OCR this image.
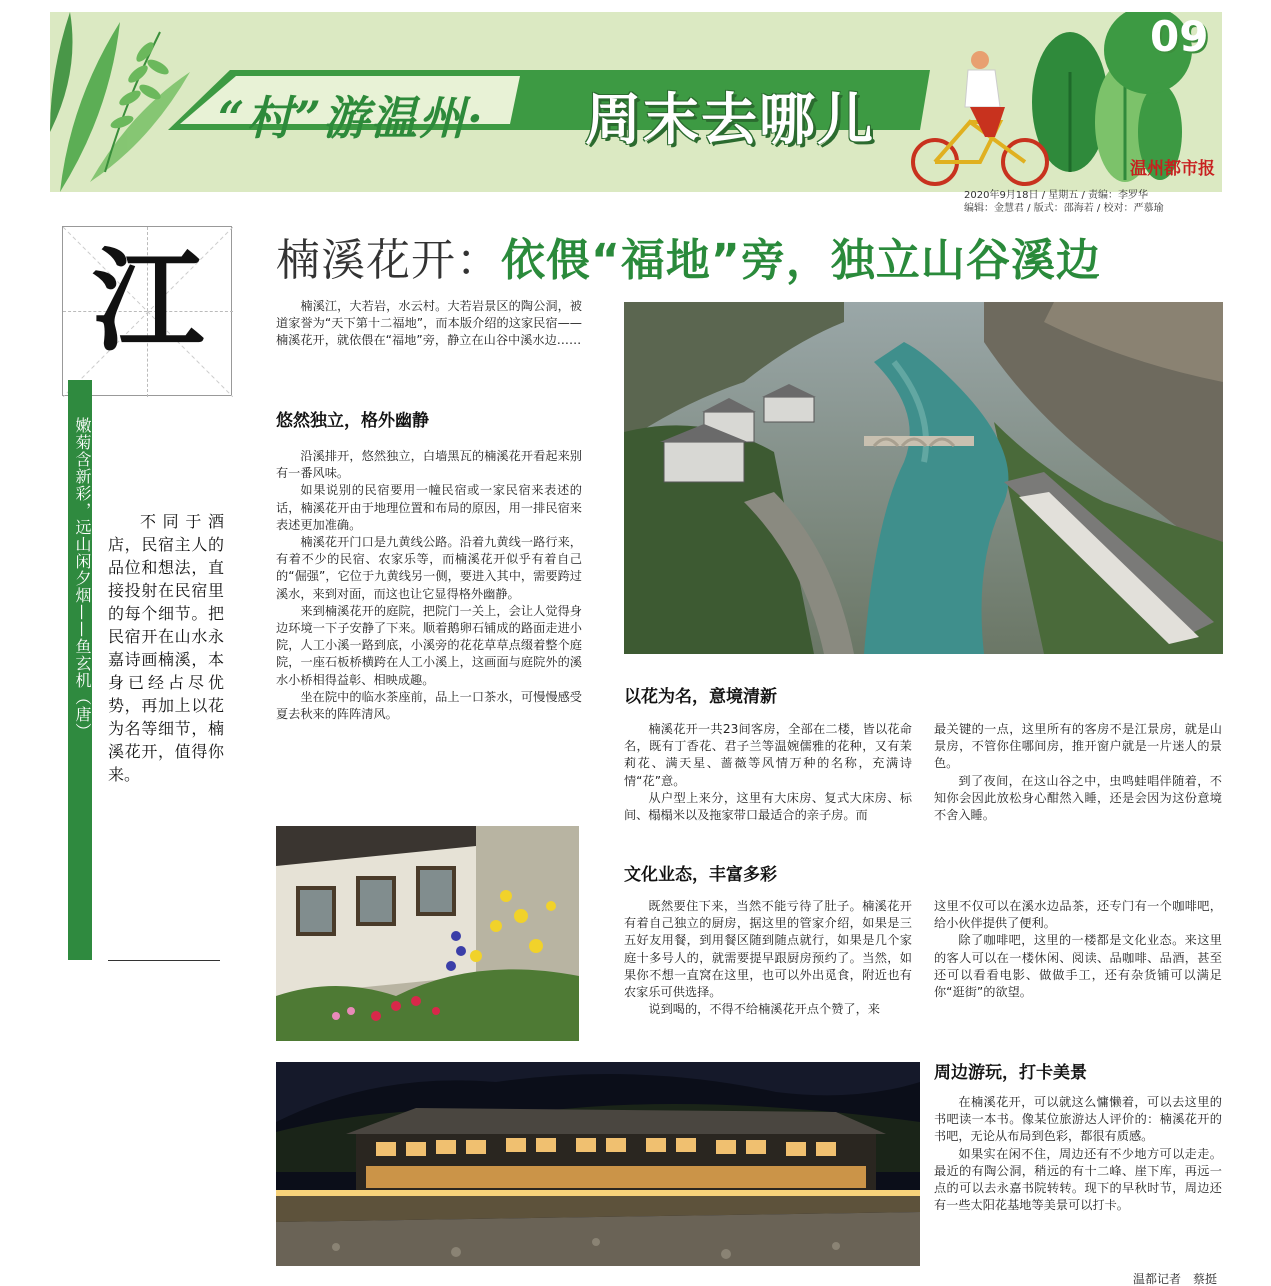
“村”游温州· 周末去哪儿
09
温州都市报
2020年9月18日 / 星期五 / 责编：李罗华
编辑：金慧君 / 版式：邵海若 / 校对：严慕瑜
江
嫩菊含新彩，远山闲夕烟——鱼玄机（唐）	不同于酒店，民宿主人的品位和想法，直接投射在民宿里的每个细节。把民宿开在山水永嘉诗画楠溪，本身已经占尽优势，再加上以花为名等细节，楠溪花开，值得你来。
楠溪花开：依偎“福地”旁，独立山谷溪边

楠溪江，大若岩，水云村。大若岩景区的陶公洞，被道家誉为“天下第十二福地”，而本版介绍的这家民宿——楠溪花开，就依偎在“福地”旁，静立在山谷中溪水边……

悠然独立，格外幽静

沿溪排开，悠然独立，白墙黑瓦的楠溪花开看起来别有一番风味。

如果说别的民宿要用一幢民宿或一家民宿来表述的话，楠溪花开由于地理位置和布局的原因，用一排民宿来表述更加准确。

楠溪花开门口是九黄线公路。沿着九黄线一路行来，有着不少的民宿、农家乐等，而楠溪花开似乎有着自己的“倔强”，它位于九黄线另一侧，要进入其中，需要跨过溪水，来到对面，而这也让它显得格外幽静。

来到楠溪花开的庭院，把院门一关上，会让人觉得身边环境一下子安静了下来。顺着鹅卵石铺成的路面走进小院，人工小溪一路到底，小溪旁的花花草草点缀着整个庭院，一座石板桥横跨在人工小溪上，这画面与庭院外的溪水小桥相得益彰、相映成趣。

坐在院中的临水茶座前，品上一口茶水，可慢慢感受夏去秋来的阵阵清风。

以花为名，意境清新

楠溪花开一共23间客房，全部在二楼，皆以花命名，既有丁香花、君子兰等温婉儒雅的花种，又有茉莉花、满天星、蔷薇等风情万种的名称，充满诗情“花”意。

从户型上来分，这里有大床房、复式大床房、标间、榻榻米以及拖家带口最适合的亲子房。而

最关键的一点，这里所有的客房不是江景房，就是山景房，不管你住哪间房，推开窗户就是一片迷人的景色。

到了夜间，在这山谷之中，虫鸣蛙唱伴随着，不知你会因此放松身心酣然入睡，还是会因为这份意境不舍入睡。

文化业态，丰富多彩

既然要住下来，当然不能亏待了肚子。楠溪花开有着自己独立的厨房，据这里的管家介绍，如果是三五好友用餐，到用餐区随到随点就行，如果是几个家庭十多号人的，就需要提早跟厨房预约了。当然，如果你不想一直窝在这里，也可以外出觅食，附近也有农家乐可供选择。

说到喝的，不得不给楠溪花开点个赞了，来

这里不仅可以在溪水边品茶，还专门有一个咖啡吧，给小伙伴提供了便利。

除了咖啡吧，这里的一楼都是文化业态。来这里的客人可以在一楼休闲、阅读、品咖啡、品酒，甚至还可以看看电影、做做手工，还有杂货铺可以满足你“逛街”的欲望。

周边游玩，打卡美景

在楠溪花开，可以就这么慵懒着，可以去这里的书吧读一本书。像某位旅游达人评价的：楠溪花开的书吧，无论从布局到色彩，都很有质感。

如果实在闲不住，周边还有不少地方可以走走。最近的有陶公洞，稍远的有十二峰、崖下库，再远一点的可以去永嘉书院转转。现下的早秋时节，周边还有一些太阳花基地等美景可以打卡。

温都记者　蔡挺
